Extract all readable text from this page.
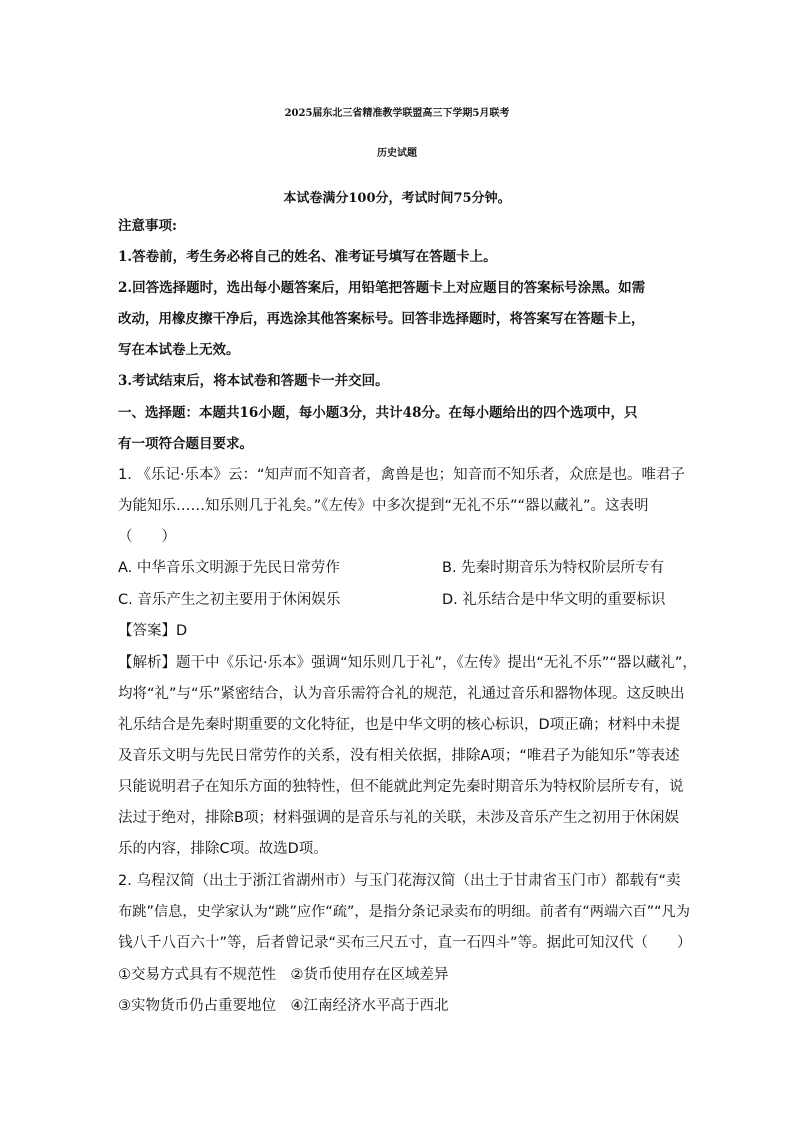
2025届东北三省精准教学联盟高三下学期5月联考
历史试题
本试卷满分100分，考试时间75分钟。
注意事项:
1.答卷前，考生务必将自己的姓名、准考证号填写在答题卡上。
2.回答选择题时，选出每小题答案后，用铅笔把答题卡上对应题目的答案标号涂黑。如需
改动，用橡皮擦干净后，再选涂其他答案标号。回答非选择题时，将答案写在答题卡上，
写在本试卷上无效。
3.考试结束后，将本试卷和答题卡一并交回。
一、选择题：本题共16小题，每小题3分，共计48分。在每小题给出的四个选项中，只
有一项符合题目要求。
1. 《乐记·乐本》云：“知声而不知音者，禽兽是也；知音而不知乐者，众庶是也。唯君子
为能知乐……知乐则几于礼矣。”《左传》中多次提到“无礼不乐”“器以藏礼”。这表明
（　　）
A. 中华音乐文明源于先民日常劳作	B. 先秦时期音乐为特权阶层所专有
C. 音乐产生之初主要用于休闲娱乐	D. 礼乐结合是中华文明的重要标识
【答案】D
【解析】题干中《乐记·乐本》强调“知乐则几于礼”，《左传》提出“无礼不乐”“器以藏礼”，
均将“礼”与“乐”紧密结合，认为音乐需符合礼的规范，礼通过音乐和器物体现。这反映出
礼乐结合是先秦时期重要的文化特征，也是中华文明的核心标识，D项正确；材料中未提
及音乐文明与先民日常劳作的关系，没有相关依据，排除A项；“唯君子为能知乐”等表述
只能说明君子在知乐方面的独特性，但不能就此判定先秦时期音乐为特权阶层所专有，说
法过于绝对，排除B项；材料强调的是音乐与礼的关联，未涉及音乐产生之初用于休闲娱
乐的内容，排除C项。故选D项。
2. 乌程汉简（出土于浙江省湖州市）与玉门花海汉简（出土于甘肃省玉门市）都载有“卖
布跳”信息，史学家认为“跳”应作“疏”，是指分条记录卖布的明细。前者有“两端六百”“凡为
钱八千八百六十”等，后者曾记录“买布三尺五寸，直一石四斗”等。据此可知汉代（　　）
①交易方式具有不规范性　②货币使用存在区域差异
③实物货币仍占重要地位　④江南经济水平高于西北
